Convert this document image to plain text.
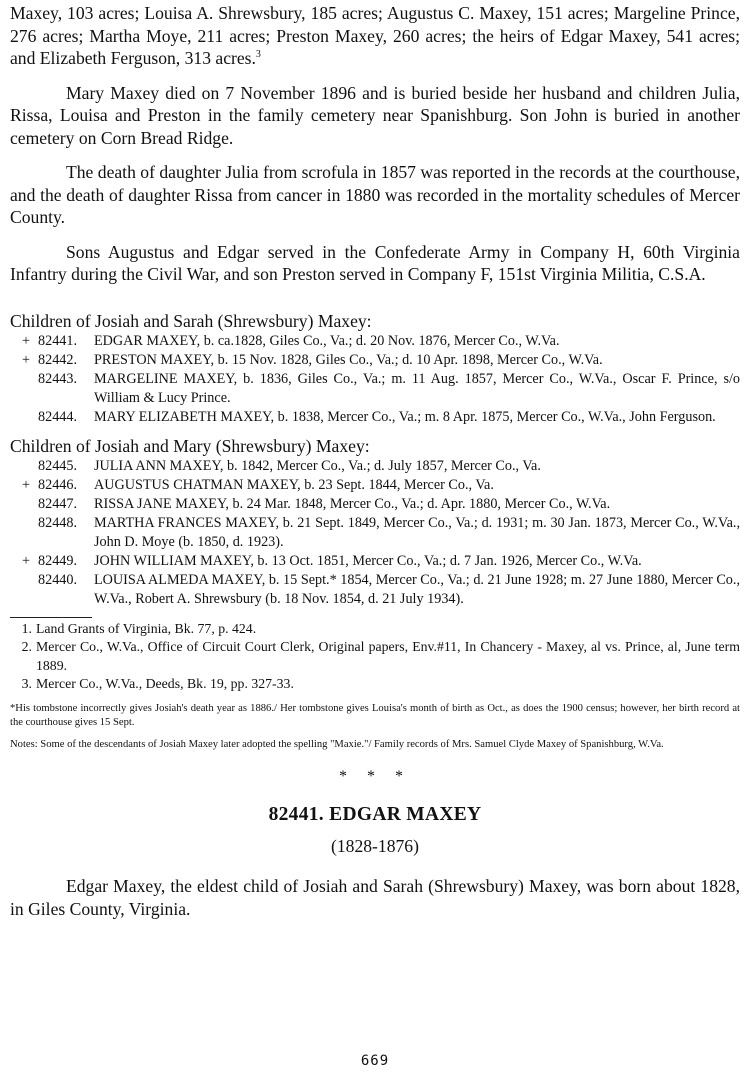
Maxey, 103 acres; Louisa A. Shrewsbury, 185 acres; Augustus C. Maxey, 151 acres; Margeline Prince, 276 acres; Martha Moye, 211 acres; Preston Maxey, 260 acres; the heirs of Edgar Maxey, 541 acres; and Elizabeth Ferguson, 313 acres.$^3$

Mary Maxey died on 7 November 1896 and is buried beside her husband and children Julia, Rissa, Louisa and Preston in the family cemetery near Spanishburg. Son John is buried in another cemetery on Corn Bread Ridge.

The death of daughter Julia from scrofula in 1857 was reported in the records at the courthouse, and the death of daughter Rissa from cancer in 1880 was recorded in the mortality schedules of Mercer County.

Sons Augustus and Edgar served in the Confederate Army in Company H, 60th Virginia Infantry during the Civil War, and son Preston served in Company F, 151st Virginia Militia, C.S.A.

Children of Josiah and Sarah (Shrewsbury) Maxey:

+ 82441.	EDGAR MAXEY, b. ca.1828, Giles Co., Va.; d. 20 Nov. 1876, Mercer Co., W.Va.
+ 82442.	PRESTON MAXEY, b. 15 Nov. 1828, Giles Co., Va.; d. 10 Apr. 1898, Mercer Co., W.Va.
82443.	MARGELINE MAXEY, b. 1836, Giles Co., Va.; m. 11 Aug. 1857, Mercer Co., W.Va., Oscar F. Prince, s/o William & Lucy Prince.
82444.	MARY ELIZABETH MAXEY, b. 1838, Mercer Co., Va.; m. 8 Apr. 1875, Mercer Co., W.Va., John Ferguson.

Children of Josiah and Mary (Shrewsbury) Maxey:

82445.	JULIA ANN MAXEY, b. 1842, Mercer Co., Va.; d. July 1857, Mercer Co., Va.
+ 82446.	AUGUSTUS CHATMAN MAXEY, b. 23 Sept. 1844, Mercer Co., Va.
82447.	RISSA JANE MAXEY, b. 24 Mar. 1848, Mercer Co., Va.; d. Apr. 1880, Mercer Co., W.Va.
82448.	MARTHA FRANCES MAXEY, b. 21 Sept. 1849, Mercer Co., Va.; d. 1931; m. 30 Jan. 1873, Mercer Co., W.Va., John D. Moye (b. 1850, d. 1923).
+ 82449.	JOHN WILLIAM MAXEY, b. 13 Oct. 1851, Mercer Co., Va.; d. 7 Jan. 1926, Mercer Co., W.Va.
82440.	LOUISA ALMEDA MAXEY, b. 15 Sept.* 1854, Mercer Co., Va.; d. 21 June 1928; m. 27 June 1880, Mercer Co., W.Va., Robert A. Shrewsbury (b. 18 Nov. 1854, d. 21 July 1934).
1. Land Grants of Virginia, Bk. 77, p. 424.
2. Mercer Co., W.Va., Office of Circuit Court Clerk, Original papers, Env.#11, In Chancery - Maxey, al vs. Prince, al, June term 1889.
3. Mercer Co., W.Va., Deeds, Bk. 19, pp. 327-33.

*His tombstone incorrectly gives Josiah's death year as 1886./ Her tombstone gives Louisa's month of birth as Oct., as does the 1900 census; however, her birth record at the courthouse gives 15 Sept.

Notes: Some of the descendants of Josiah Maxey later adopted the spelling "Maxie."/ Family records of Mrs. Samuel Clyde Maxey of Spanishburg, W.Va.

* * *

82441. EDGAR MAXEY

(1828-1876)

Edgar Maxey, the eldest child of Josiah and Sarah (Shrewsbury) Maxey, was born about 1828, in Giles County, Virginia.

669
